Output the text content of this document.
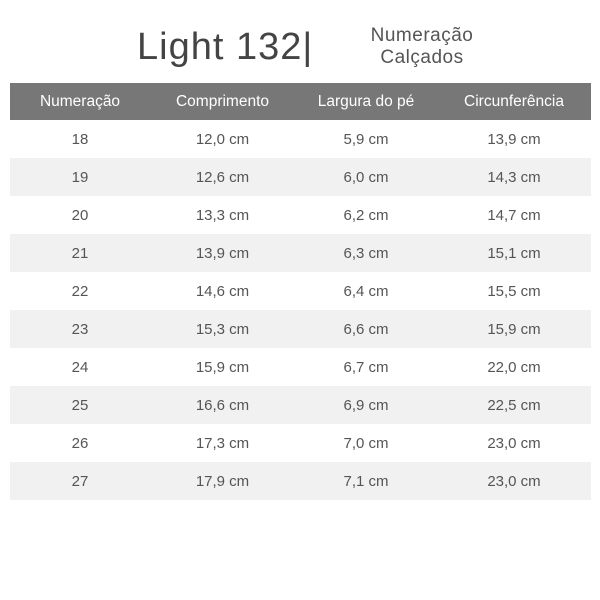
Light 132|	Numeração
Calçados
Numeração	Comprimento	Largura do pé	Circunferência
18	12,0 cm	5,9 cm	13,9 cm
19	12,6 cm	6,0 cm	14,3 cm
20	13,3 cm	6,2 cm	14,7 cm
21	13,9 cm	6,3 cm	15,1 cm
22	14,6 cm	6,4 cm	15,5 cm
23	15,3 cm	6,6 cm	15,9 cm
24	15,9 cm	6,7 cm	22,0 cm
25	16,6 cm	6,9 cm	22,5 cm
26	17,3 cm	7,0 cm	23,0 cm
27	17,9 cm	7,1 cm	23,0 cm
